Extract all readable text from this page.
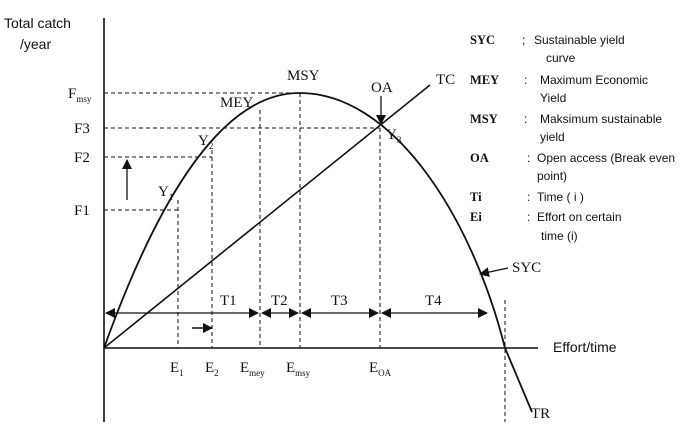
Total catch
/year
Effort/time
T1 T2	T3	T4
$F_{msy}$
F3
F2
F1
$E_1$ $E_2$ $E_{mey}$ $E_{msy}$	$E_{OA}$
MSY
MEY
OA	TC
SYC
TR
$Y_1$
$Y_2$
$Y_3$
SYC ; Sustainable yield
curve
MEY : Maximum Economic
Yield
MSY : Maksimum sustainable
yield
OA	: Open access (Break even
point)
Ti	: Time ( i )
Ei	: Effort on certain
time (i)
